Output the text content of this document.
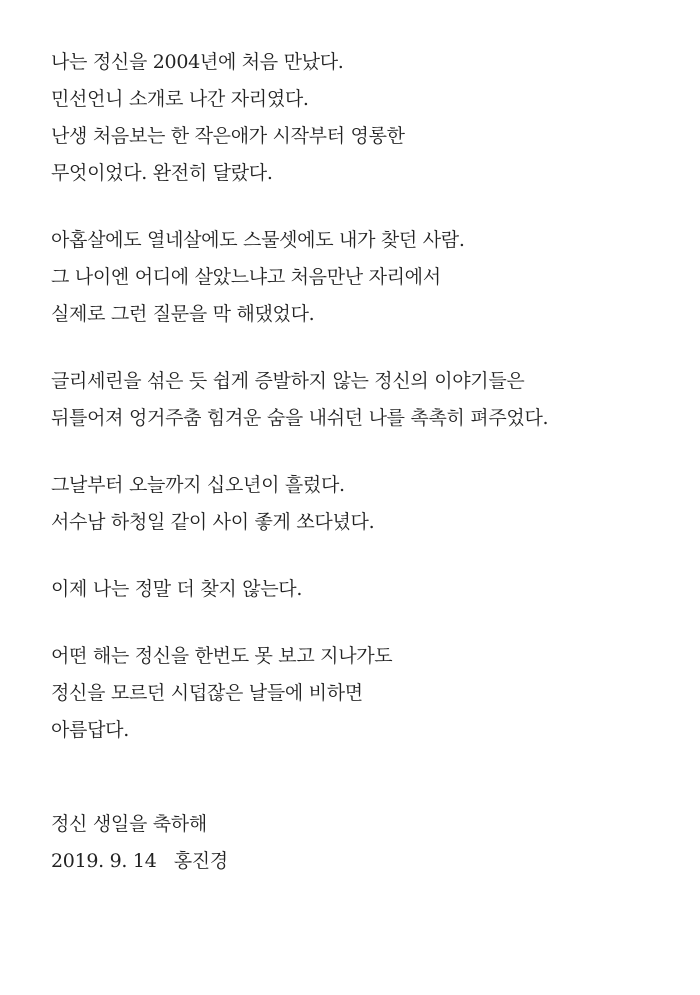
나는 정신을 2004년에 처음 만났다.
민선언니 소개로 나간 자리였다.
난생 처음보는 한 작은애가 시작부터 영롱한
무엇이었다. 완전히 달랐다.
아홉살에도 열네살에도 스물셋에도 내가 찾던 사람.
그 나이엔 어디에 살았느냐고 처음만난 자리에서
실제로 그런 질문을 막 해댔었다.
글리세린을 섞은 듯 쉽게 증발하지 않는 정신의 이야기들은
뒤틀어져 엉거주춤 힘겨운 숨을 내쉬던 나를 촉촉히 펴주었다.
그날부터 오늘까지 십오년이 흘렀다.
서수남 하청일 같이 사이 좋게 쏘다녔다.
이제 나는 정말 더 찾지 않는다.
어떤 해는 정신을 한번도 못 보고 지나가도
정신을 모르던 시덥잖은 날들에 비하면
아름답다.
정신 생일을 축하해
2019. 9. 14   홍진경
